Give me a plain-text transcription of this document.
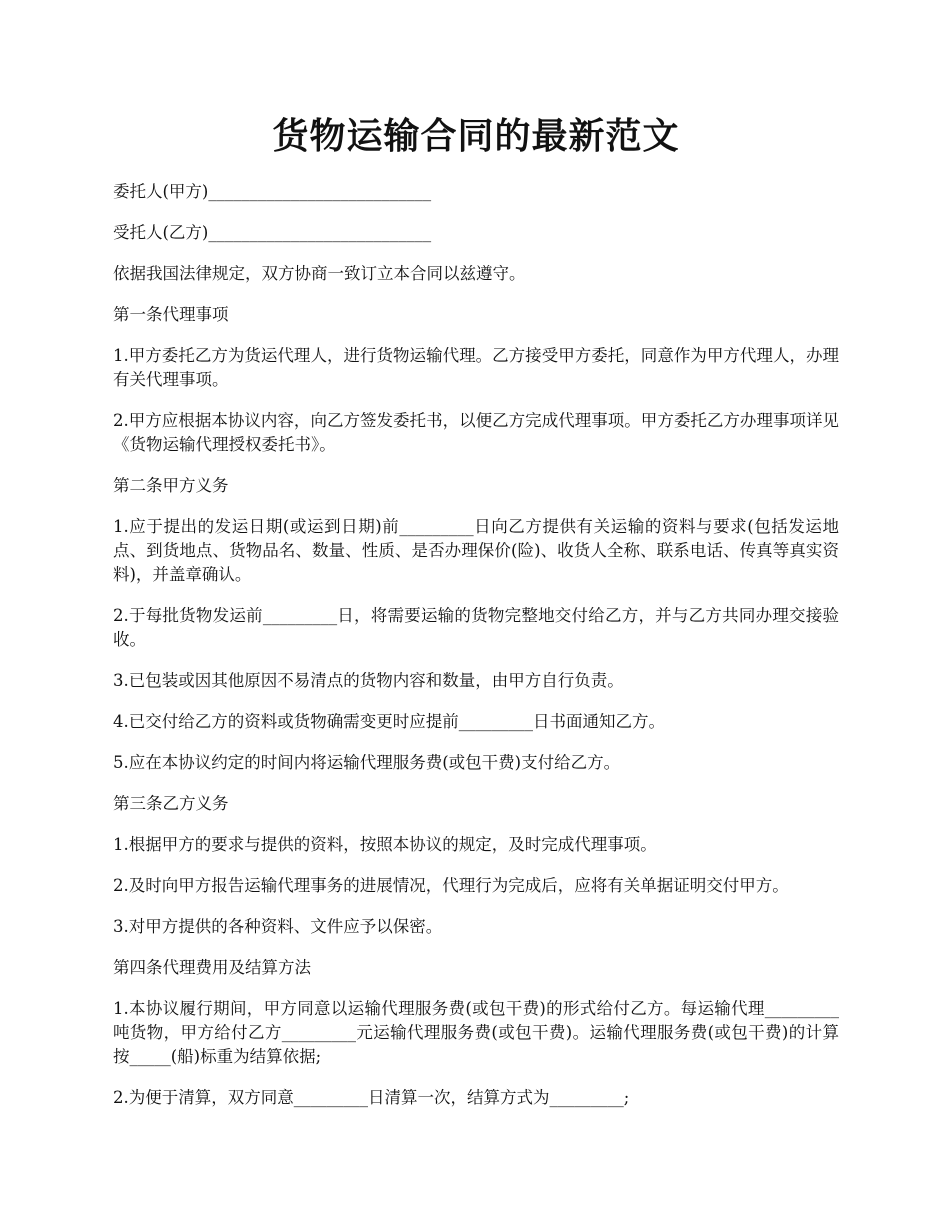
货物运输合同的最新范文

委托人(甲方)___________________________

受托人(乙方)___________________________

依据我国法律规定，双方协商一致订立本合同以兹遵守。

第一条代理事项

1.甲方委托乙方为货运代理人，进行货物运输代理。乙方接受甲方委托，同意作为甲方代理人，办理有关代理事项。

2.甲方应根据本协议内容，向乙方签发委托书，以便乙方完成代理事项。甲方委托乙方办理事项详见《货物运输代理授权委托书》。

第二条甲方义务

1.应于提出的发运日期(或运到日期)前_________日向乙方提供有关运输的资料与要求(包括发运地点、到货地点、货物品名、数量、性质、是否办理保价(险)、收货人全称、联系电话、传真等真实资料)，并盖章确认。

2.于每批货物发运前_________日，将需要运输的货物完整地交付给乙方，并与乙方共同办理交接验收。

3.已包装或因其他原因不易清点的货物内容和数量，由甲方自行负责。

4.已交付给乙方的资料或货物确需变更时应提前_________日书面通知乙方。

5.应在本协议约定的时间内将运输代理服务费(或包干费)支付给乙方。

第三条乙方义务

1.根据甲方的要求与提供的资料，按照本协议的规定，及时完成代理事项。

2.及时向甲方报告运输代理事务的进展情况，代理行为完成后，应将有关单据证明交付甲方。

3.对甲方提供的各种资料、文件应予以保密。

第四条代理费用及结算方法

1.本协议履行期间，甲方同意以运输代理服务费(或包干费)的形式给付乙方。每运输代理_________吨货物，甲方给付乙方_________元运输代理服务费(或包干费)。运输代理服务费(或包干费)的计算按_____(船)标重为结算依据;

2.为便于清算，双方同意_________日清算一次，结算方式为_________;
